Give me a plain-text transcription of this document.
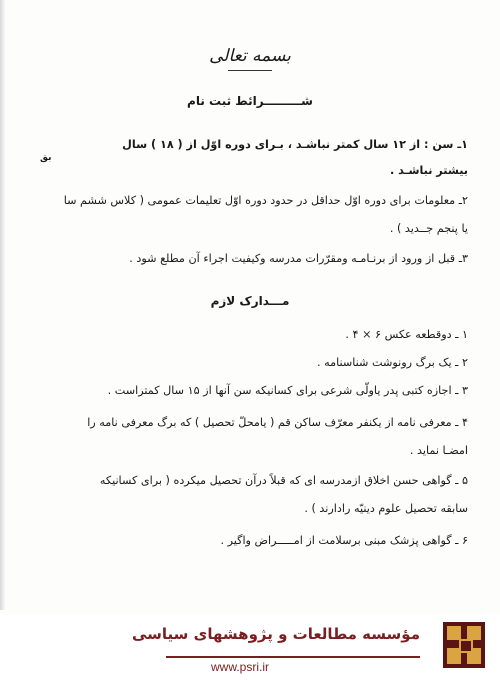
بسمه تعالی
شـــــــــرائط ثبت نام
۱ـ سن : از ۱۲ سال کمتر نباشـد ، بـرای دوره اوّل از ( ۱۸ ) سال
بیشتر نباشـد .
بق
۲ـ معلومات برای دوره اوّل حداقل در حدود دوره اوّل تعلیمات عمومی ( کلاس ششم سا
یا پنجم جــدید ) .
۳ـ قبل از ورود از برنـامـه ومقرّرات مدرسه وکیفیت اجراء آن مطلع شود .
مـــدارک لازم
۱ ـ دوقطعه عکس ۶ × ۴ .
۲ ـ یک برگ رونوشت شناسنامه .
۳ ـ اجازه کتبی پدر یاولّی شرعی برای کسانیکه سن آنها از ۱۵ سال کمتراست .
۴ ـ معرفی نامه از یکنفر معرّف ساکن قم ( یامحلّ تحصیل ) که برگ معرفی نامه را
امضـا نماید .
۵ ـ گواهی حسن اخلاق ازمدرسه ای که قبلاً درآن تحصیل میکرده ( برای کسانیکه
سابقه تحصیل علوم دینیّه رادارند ) .
۶ ـ گواهی پزشک مبنی برسلامت از امـــــراض واگیر .
مؤسسه مطالعات و پژوهشهای سیاسی
www.psri.ir
